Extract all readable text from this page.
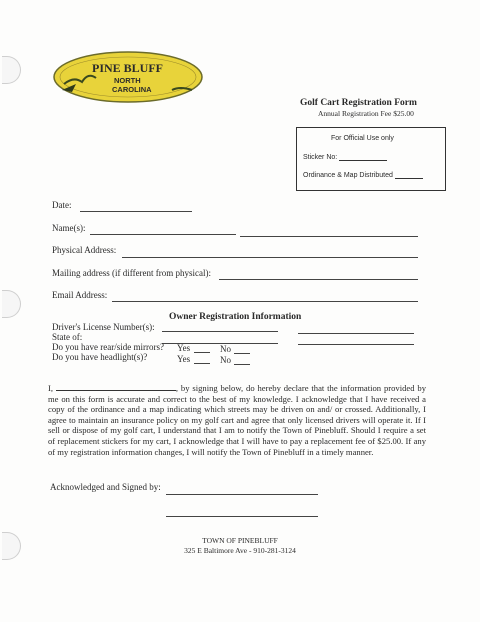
PINE BLUFF
NORTH
CAROLINA
Golf Cart Registration Form
Annual Registration Fee $25.00
For Official Use only
Sticker No:
Ordinance & Map Distributed
Date:
Name(s):
Physical Address:
Mailing address (if different from physical):
Email Address:
Owner Registration Information
Driver's License Number(s):
State of:
Do you have rear/side mirrors? Yes	No
Do you have headlight(s)?	Yes	No
I,	, by signing below, do hereby declare that the information provided by me on this form is accurate and correct to the best of my knowledge. I acknowledge that I have received a copy of the ordinance and a map indicating which streets may be driven on and/ or crossed. Additionally, I agree to maintain an insurance policy on my golf cart and agree that only licensed drivers will operate it. If I sell or dispose of my golf cart, I understand that I am to notify the Town of Pinebluff. Should I require a set of replacement stickers for my cart, I acknowledge that I will have to pay a replacement fee of $25.00. If any of my registration information changes, I will notify the Town of Pinebluff in a timely manner.
Acknowledged and Signed by:
TOWN OF PINEBLUFF
325 E Baltimore Ave - 910-281-3124
